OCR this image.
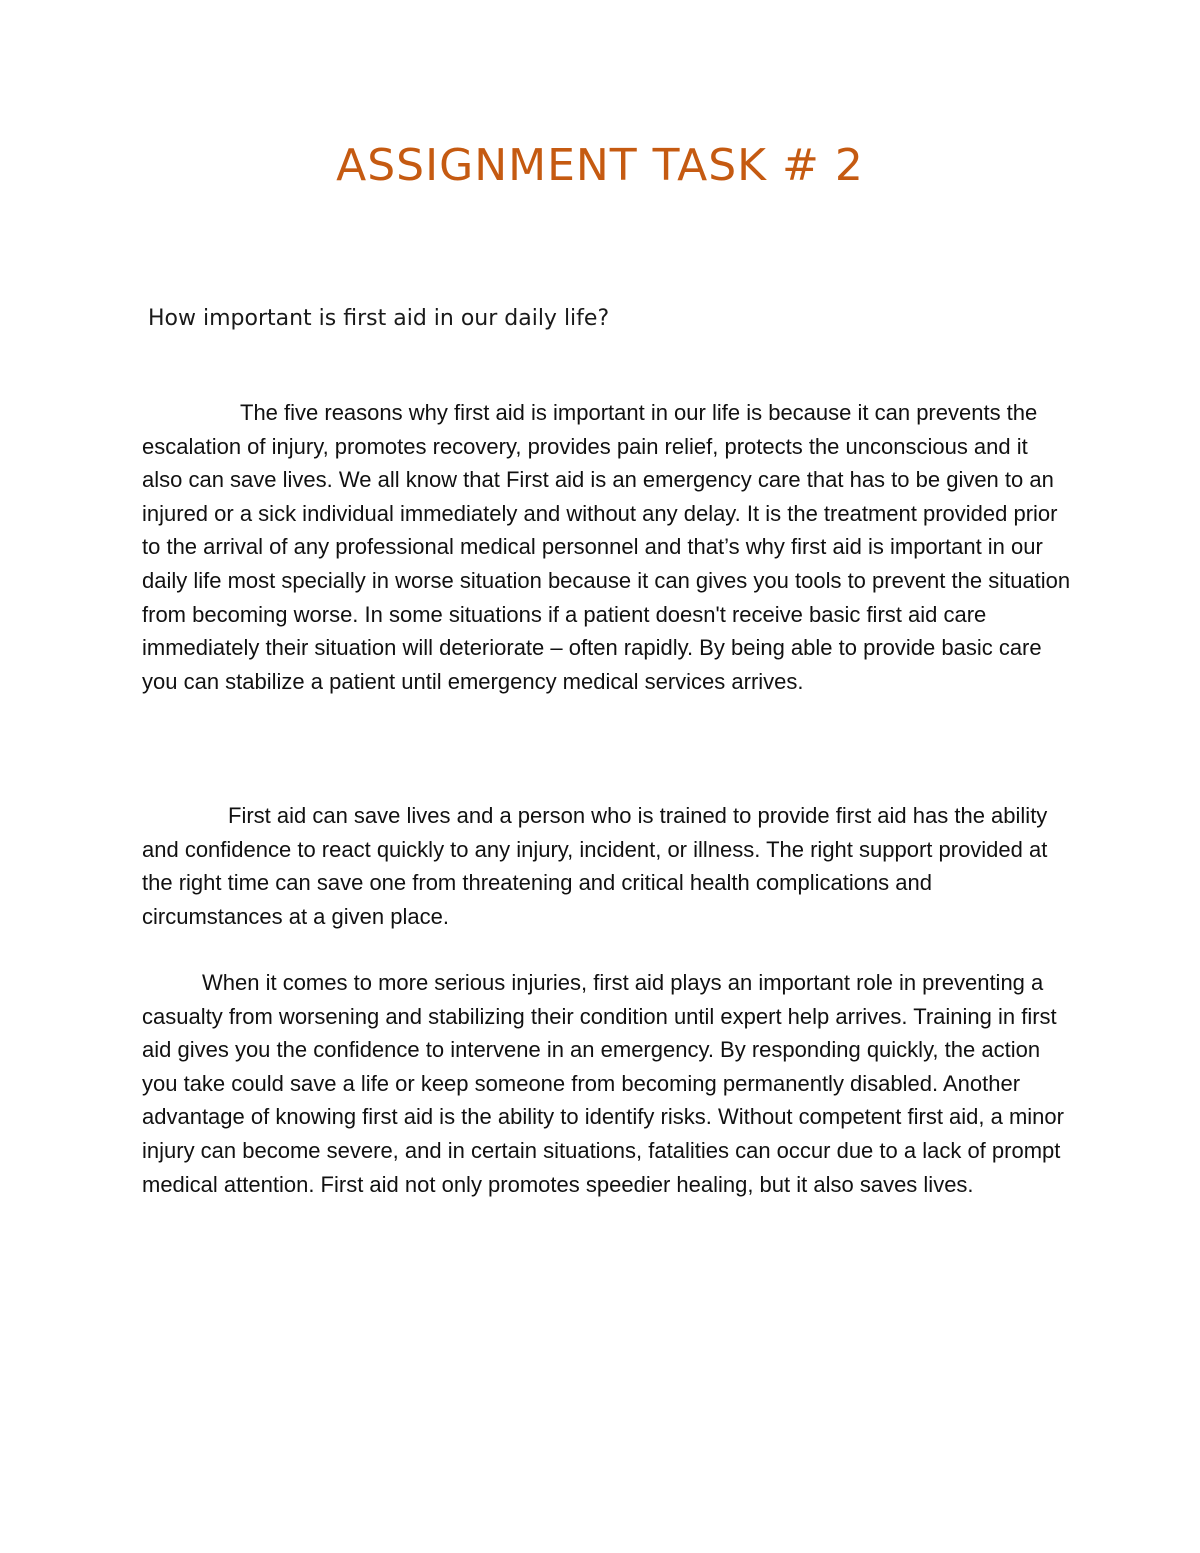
ASSIGNMENT TASK # 2

How important is first aid in our daily life?

The five reasons why first aid is important in our life is because it can prevents the escalation of injury, promotes recovery, provides pain relief, protects the unconscious and it also can save lives. We all know that First aid is an emergency care that has to be given to an injured or a sick individual immediately and without any delay. It is the treatment provided prior to the arrival of any professional medical personnel and that’s why first aid is important in our daily life most specially in worse situation because it can gives you tools to prevent the situation from becoming worse. In some situations if a patient doesn't receive basic first aid care immediately their situation will deteriorate – often rapidly. By being able to provide basic care you can stabilize a patient until emergency medical services arrives.

First aid can save lives and a person who is trained to provide first aid has the ability and confidence to react quickly to any injury, incident, or illness. The right support provided at the right time can save one from threatening and critical health complications and circumstances at a given place.

When it comes to more serious injuries, first aid plays an important role in preventing a casualty from worsening and stabilizing their condition until expert help arrives. Training in first aid gives you the confidence to intervene in an emergency. By responding quickly, the action you take could save a life or keep someone from becoming permanently disabled. Another advantage of knowing first aid is the ability to identify risks. Without competent first aid, a minor injury can become severe, and in certain situations, fatalities can occur due to a lack of prompt medical attention. First aid not only promotes speedier healing, but it also saves lives.
